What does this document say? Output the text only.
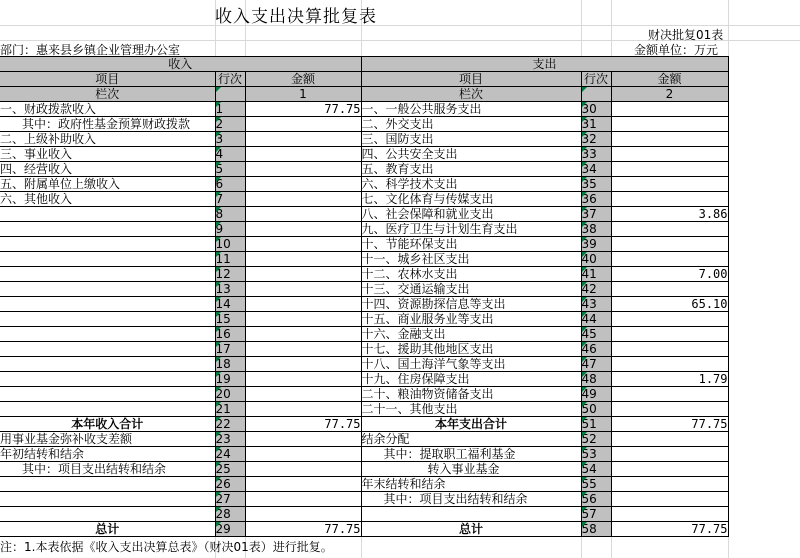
收入支出决算批复表
财决批复01表
部门：惠来县乡镇企业管理办公室	金额单位：万元
收入			支出		
项目	行次	金额	项目	行次	金额
栏次		1	栏次		2
一、财政拨款收入	1	77.75	一、一般公共服务支出	30	
其中：政府性基金预算财政拨款	2		二、外交支出	31	
二、上级补助收入	3		三、国防支出	32	
三、事业收入	4		四、公共安全支出	33	
四、经营收入	5		五、教育支出	34	
五、附属单位上缴收入	6		六、科学技术支出	35	
六、其他收入	7		七、文化体育与传媒支出	36	
	8		八、社会保障和就业支出	37	3.86
	9		九、医疗卫生与计划生育支出	38	
	10		十、节能环保支出	39	
	11		十一、城乡社区支出	40	
	12		十二、农林水支出	41	7.00
	13		十三、交通运输支出	42	
	14		十四、资源勘探信息等支出	43	65.10
	15		十五、商业服务业等支出	44	
	16		十六、金融支出	45	
	17		十七、援助其他地区支出	46	
	18		十八、国土海洋气象等支出	47	
	19		十九、住房保障支出	48	1.79
	20		二十、粮油物资储备支出	49	
	21		二十一、其他支出	50	
本年收入合计	22	77.75	本年支出合计	51	77.75
用事业基金弥补收支差额	23		结余分配	52	
年初结转和结余	24		其中：提取职工福利基金	53	
其中：项目支出结转和结余	25		转入事业基金	54	
	26		年末结转和结余	55	
	27		其中：项目支出结转和结余	56	
	28			57	
总计	29	77.75	总计	58	77.75
注：1.本表依据《收入支出决算总表》（财决01表）进行批复。
